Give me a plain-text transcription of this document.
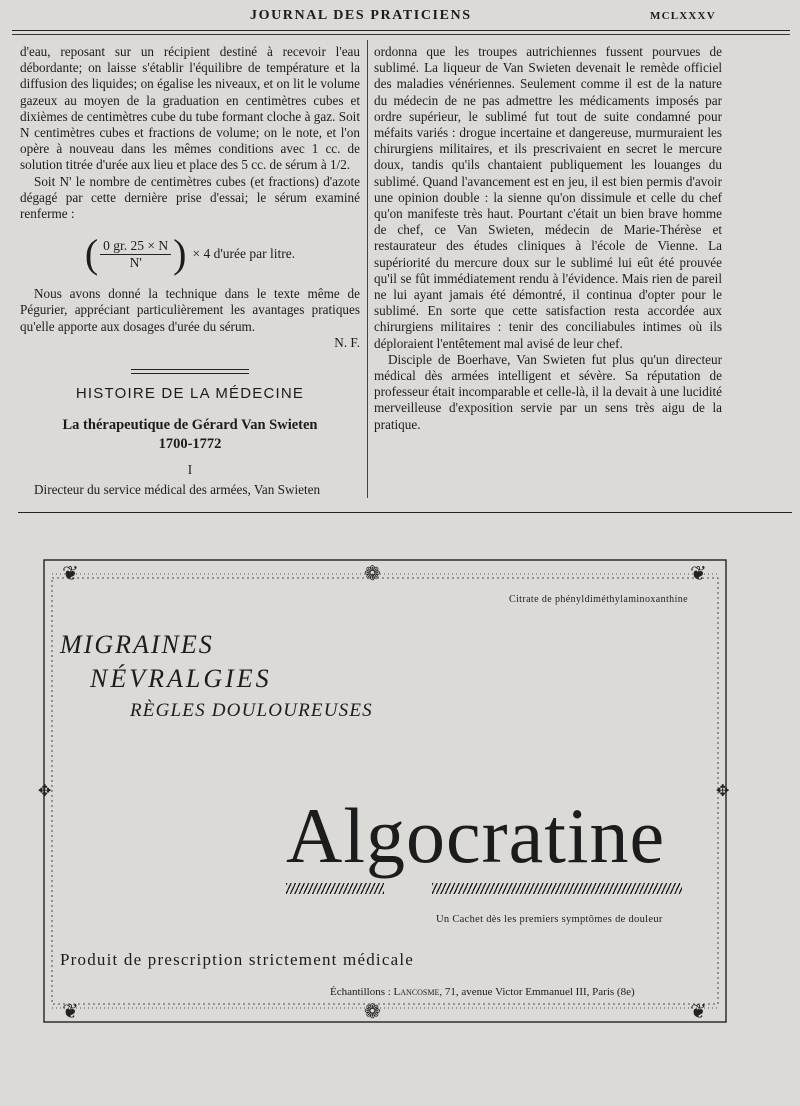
JOURNAL DES PRATICIENS	MCLXXXV

d'eau, reposant sur un récipient destiné à recevoir l'eau débordante; on laisse s'établir l'équilibre de température et la diffusion des liquides; on égalise les niveaux, et on lit le volume gazeux au moyen de la graduation en centimètres cubes et dixièmes de centimètres cube du tube formant cloche à gaz. Soit N centimètres cubes et fractions de volume; on le note, et l'on opère à nouveau dans les mêmes conditions avec 1 cc. de solution titrée d'urée aux lieu et place des 5 cc. de sérum à 1/2.

Soit N' le nombre de centimètres cubes (et fractions) d'azote dégagé par cette dernière prise d'essai; le sérum examiné renferme :

( $\frac{0 gr. 25 \times N}{N'}$ ) × 4 d'urée par litre.

Nous avons donné la technique dans le texte même de Pégurier, appréciant particulièrement les avantages pratiques qu'elle apporte aux dosages d'urée du sérum.

N. F.

HISTOIRE DE LA MÉDECINE
La thérapeutique de Gérard Van Swieten
1700-1772
I

Directeur du service médical des armées, Van Swieten

ordonna que les troupes autrichiennes fussent pourvues de sublimé. La liqueur de Van Swieten devenait le remède officiel des maladies vénériennes. Seulement comme il est de la nature du médecin de ne pas admettre les médicaments imposés par ordre supérieur, le sublimé fut tout de suite condamné pour méfaits variés : drogue incertaine et dangereuse, murmuraient les chirurgiens militaires, et ils prescrivaient en secret le mercure doux, tandis qu'ils chantaient publiquement les louanges du sublimé. Quand l'avancement est en jeu, il est bien permis d'avoir une opinion double : la sienne qu'on dissimule et celle du chef qu'on manifeste très haut. Pourtant c'était un bien brave homme de chef, ce Van Swieten, médecin de Marie-Thérèse et restaurateur des études cliniques à l'école de Vienne. La supériorité du mercure doux sur le sublimé lui eût été prouvée qu'il se fût immédiatement rendu à l'évidence. Mais rien de pareil ne lui ayant jamais été démontré, il continua d'opter pour le sublimé. En sorte que cette satisfaction resta accordée aux chirurgiens militaires : tenir des conciliabules intimes où ils déploraient l'entêtement mal avisé de leur chef.

Disciple de Boerhave, Van Swieten fut plus qu'un directeur médical dès armées intelligent et sévère. Sa réputation de professeur était incomparable et celle-là, il la devait à une lucidité merveilleuse d'exposition servie par un sens très aigu de la pratique.

❦	❁	❦
❦	❁	❦
✥	✥
Citrate de phényldiméthylaminoxanthine
MIGRAINES
NÉVRALGIES
RÈGLES DOULOUREUSES
Algocratine
Un Cachet dès les premiers symptômes de douleur
Produit de prescription strictement médicale
Échantillons : Lancosme, 71, avenue Victor Emmanuel III, Paris (8e)
